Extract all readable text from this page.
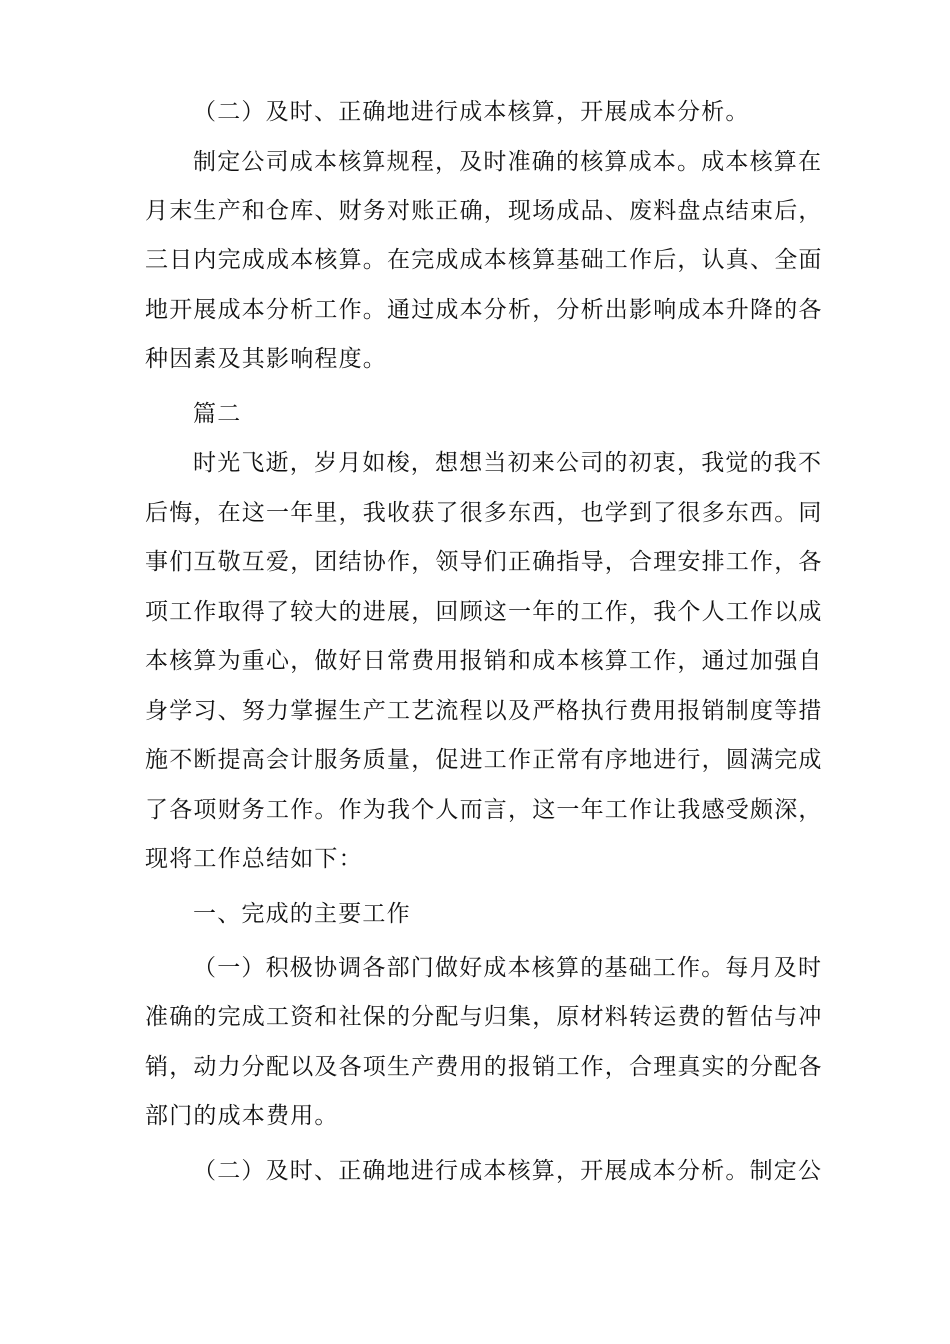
（二）及时、正确地进行成本核算，开展成本分析。

制定公司成本核算规程，及时准确的核算成本。成本核算在

月末生产和仓库、财务对账正确，现场成品、废料盘点结束后，

三日内完成成本核算。在完成成本核算基础工作后，认真、全面

地开展成本分析工作。通过成本分析，分析出影响成本升降的各

种因素及其影响程度。

篇二

时光飞逝，岁月如梭，想想当初来公司的初衷，我觉的我不

后悔，在这一年里，我收获了很多东西，也学到了很多东西。同

事们互敬互爱，团结协作，领导们正确指导，合理安排工作，各

项工作取得了较大的进展，回顾这一年的工作，我个人工作以成

本核算为重心，做好日常费用报销和成本核算工作，通过加强自

身学习、努力掌握生产工艺流程以及严格执行费用报销制度等措

施不断提高会计服务质量，促进工作正常有序地进行，圆满完成

了各项财务工作。作为我个人而言，这一年工作让我感受颇深，

现将工作总结如下：

一、完成的主要工作

（一）积极协调各部门做好成本核算的基础工作。每月及时

准确的完成工资和社保的分配与归集，原材料转运费的暂估与冲

销，动力分配以及各项生产费用的报销工作，合理真实的分配各

部门的成本费用。

（二）及时、正确地进行成本核算，开展成本分析。制定公
